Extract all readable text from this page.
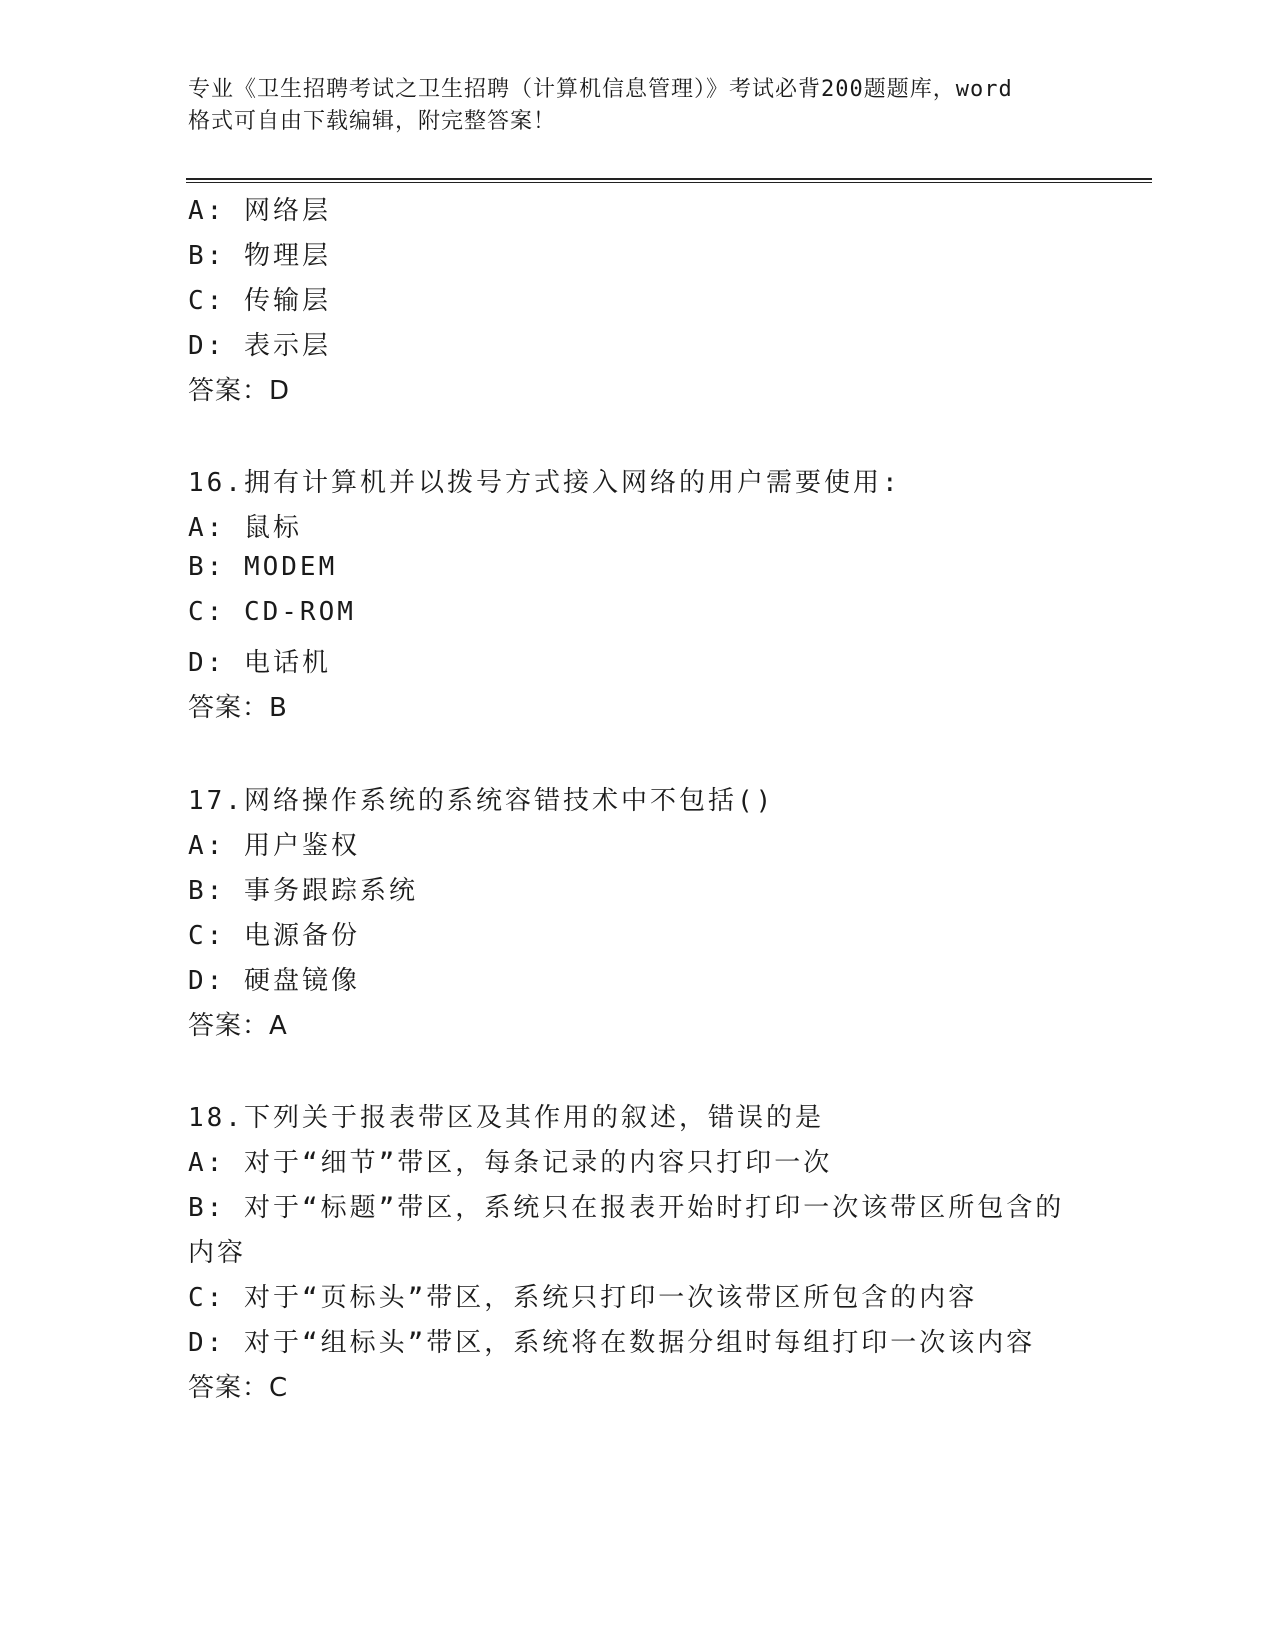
专业《卫生招聘考试之卫生招聘（计算机信息管理）》考试必背200题题库，word
格式可自由下载编辑，附完整答案！
A: 网络层
B: 物理层
C: 传输层
D: 表示层
答案：D
16.拥有计算机并以拨号方式接入网络的用户需要使用:
A: 鼠标
B: MODEM
C: CD-ROM
D: 电话机
答案：B
17.网络操作系统的系统容错技术中不包括()
A: 用户鉴权
B: 事务跟踪系统
C: 电源备份
D: 硬盘镜像
答案：A
18.下列关于报表带区及其作用的叙述，错误的是
A: 对于“细节”带区，每条记录的内容只打印一次
B: 对于“标题”带区，系统只在报表开始时打印一次该带区所包含的
内容
C: 对于“页标头”带区，系统只打印一次该带区所包含的内容
D: 对于“组标头”带区，系统将在数据分组时每组打印一次该内容
答案：C
